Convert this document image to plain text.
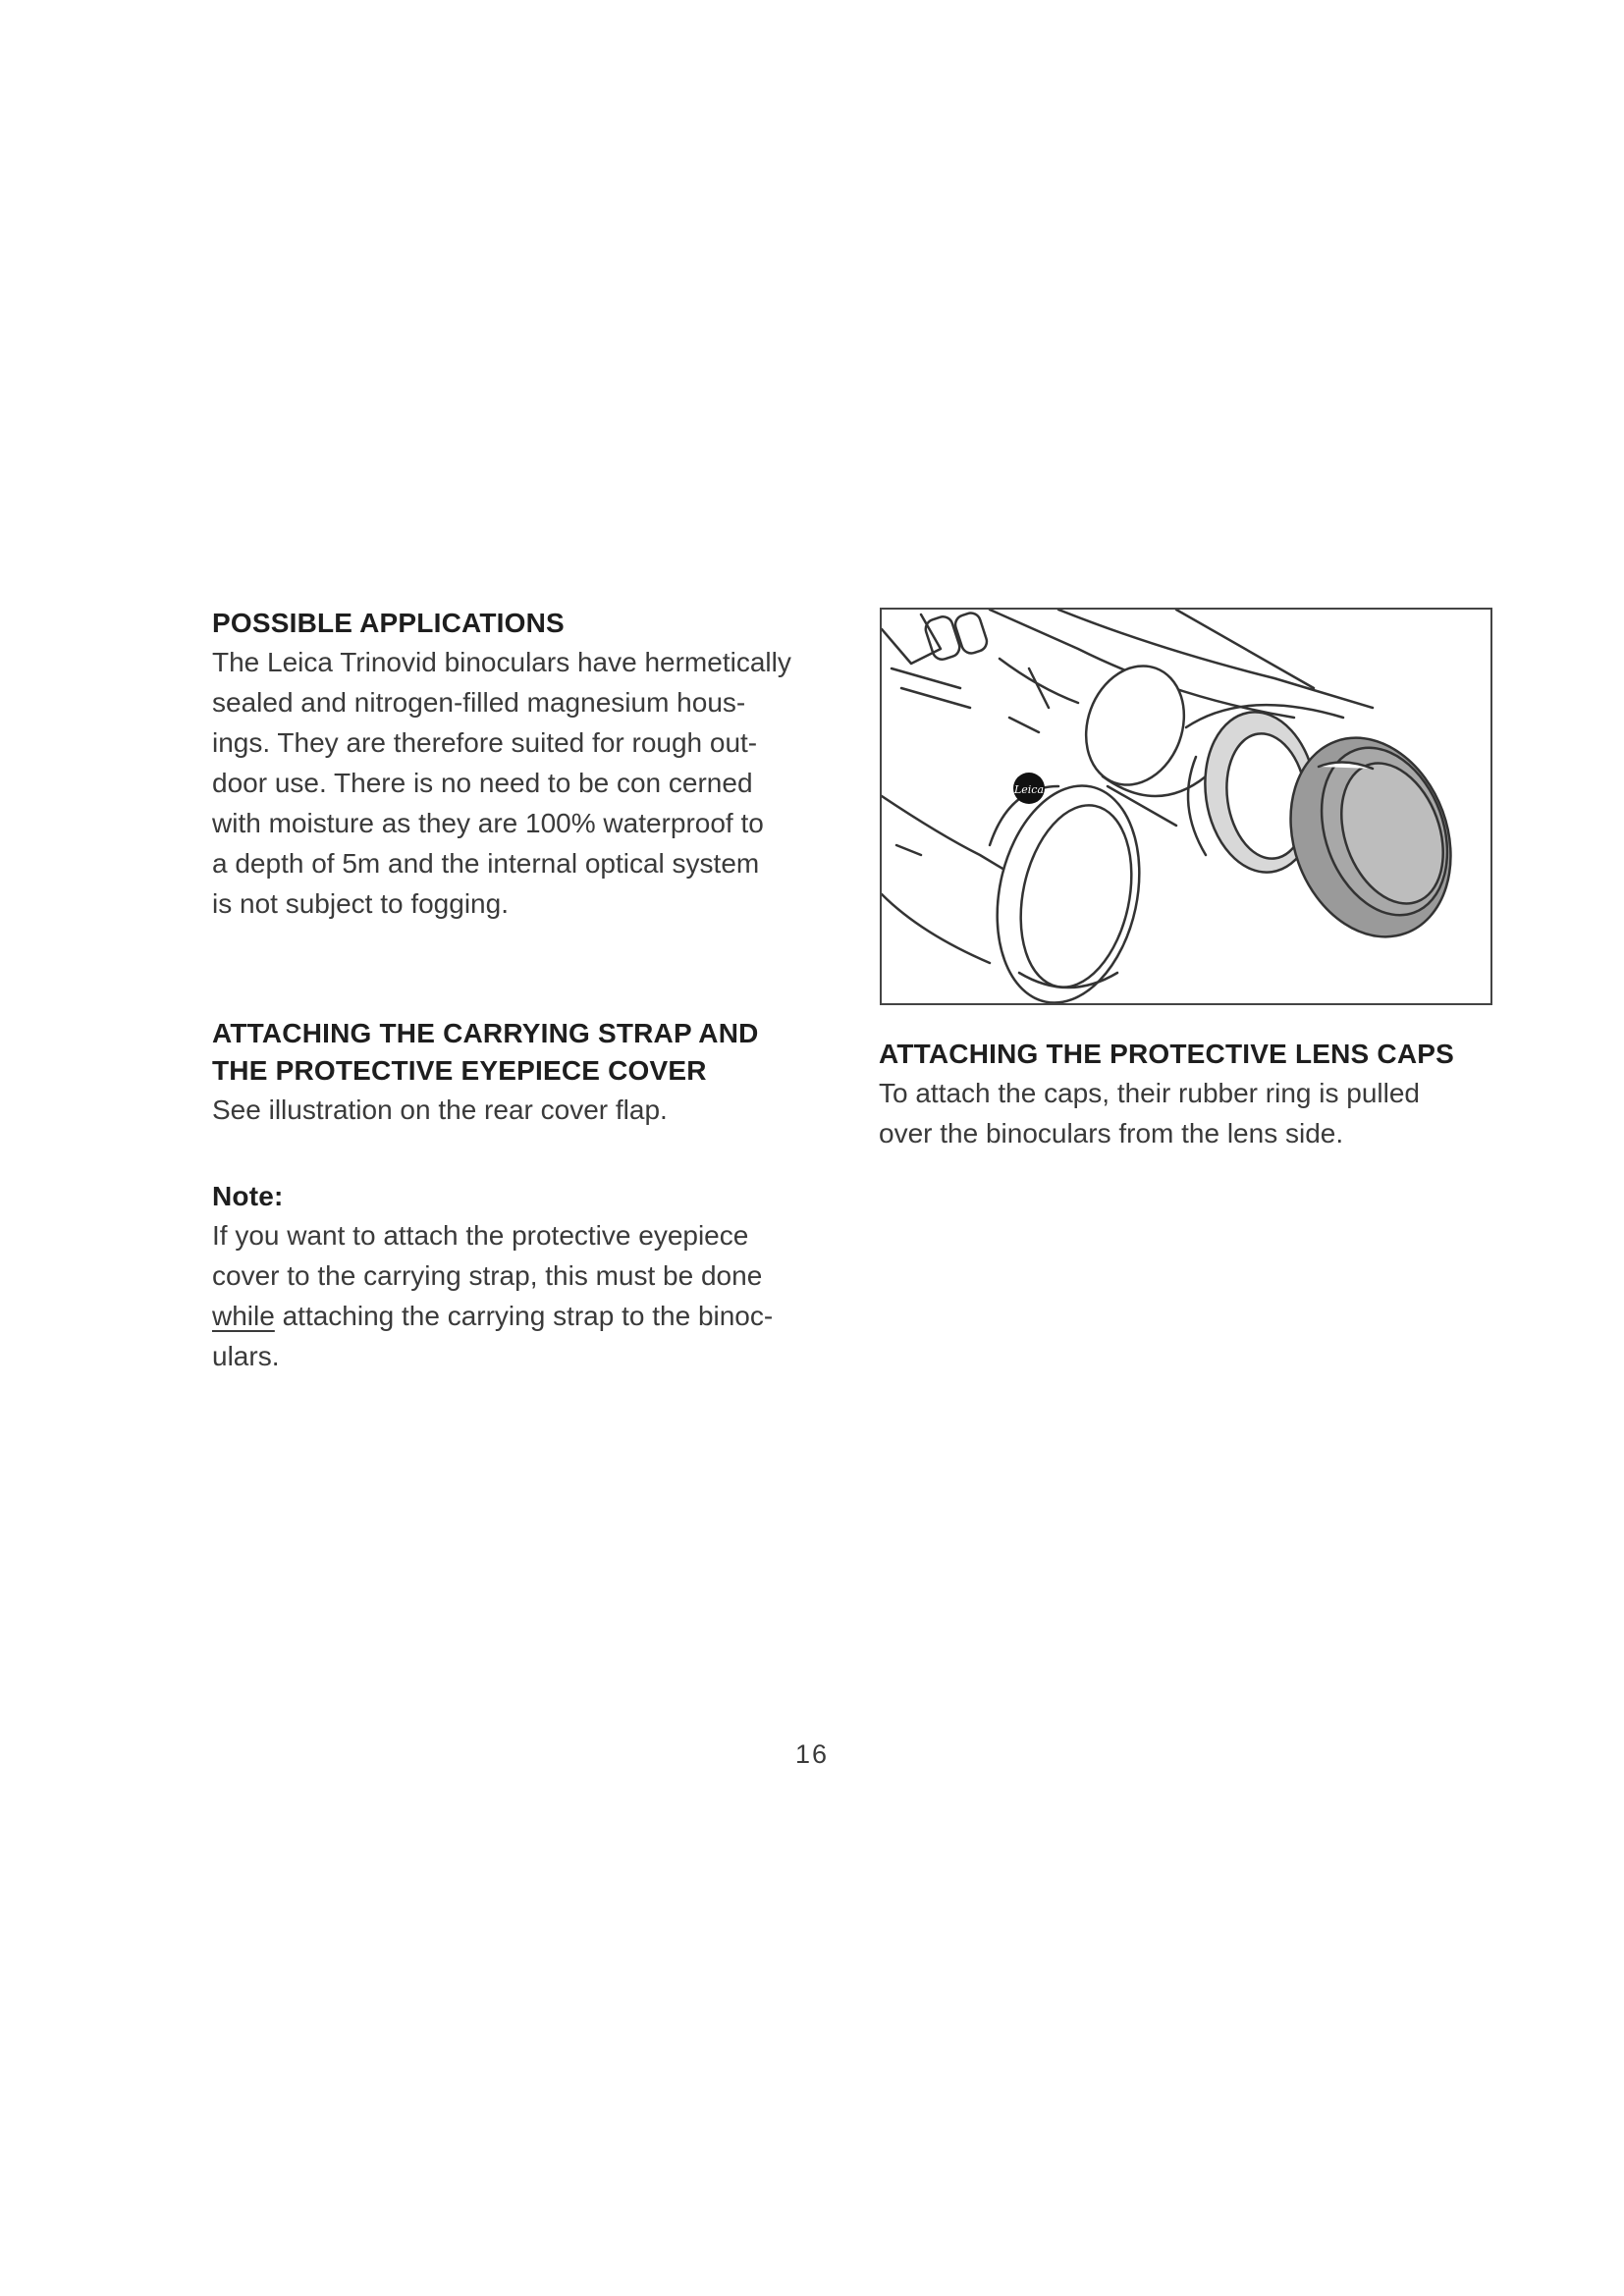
POSSIBLE APPLICATIONS

The Leica Trinovid binoculars have hermetically
sealed and nitrogen-filled magnesium hous-
ings. They are therefore suited for rough out-
door use. There is no need to be con cerned
with moisture as they are 100% waterproof to
a depth of 5m and the internal optical system
is not subject to fogging.

ATTACHING THE CARRYING STRAP AND
THE PROTECTIVE EYEPIECE COVER

See illustration on the rear cover flap.

Note:

If you want to attach the protective eyepiece
cover to the carrying strap, this must be done
while attaching the carrying strap to the binoc-
ulars.

Leica
ATTACHING THE PROTECTIVE LENS CAPS

To attach the caps, their rubber ring is pulled
over the binoculars from the lens side.

16
